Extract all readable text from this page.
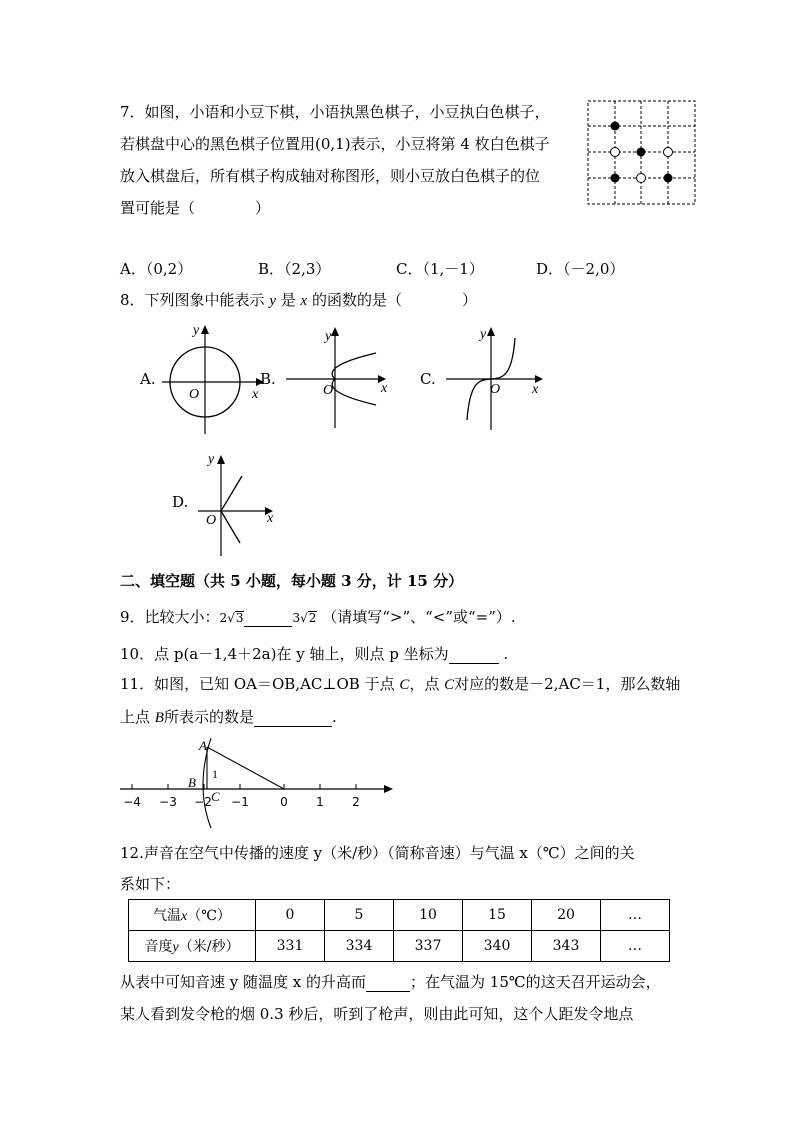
7．如图，小语和小豆下棋，小语执黑色棋子，小豆执白色棋子，
若棋盘中心的黑色棋子位置用(0,1)表示，小豆将第 4 枚白色棋子
放入棋盘后，所有棋子构成轴对称图形，则小豆放白色棋子的位
置可能是（　　　　）
A．（0,2）	B．（2,3）	C．（1,－1）	D．（－2,0）
8．下列图象中能表示 y 是 x 的函数的是（　　　　）
A.
O	x
y
B.
O	x
y
C.
O x
y
D.
O	x
y
二、填空题（共 5 小题，每小题 3 分，计 15 分）
9．比较大小：2√3	3√2 （请填写“>”、“<”或“=”）.
10．点 p(a－1,4＋2a)在 y 轴上，则点 p 坐标为	.
11．如图，已知 OA＝OB,AC⊥OB 于点 C，点 C对应的数是－2,AC＝1，那么数轴
上点 B所表示的数是	.
−4 −3 −2 −1	0 1 2
A
B
C
1
12.声音在空气中传播的速度 y（米/秒）（简称音速）与气温 x（℃）之间的关
系如下：
气温x（℃）	0	5	10	15	20	…
音度y（米/秒）	331	334	337	340	343	…
从表中可知音速 y 随温度 x 的升高而	；在气温为 15℃的这天召开运动会，
某人看到发令枪的烟 0.3 秒后，听到了枪声，则由此可知，这个人距发令地点
